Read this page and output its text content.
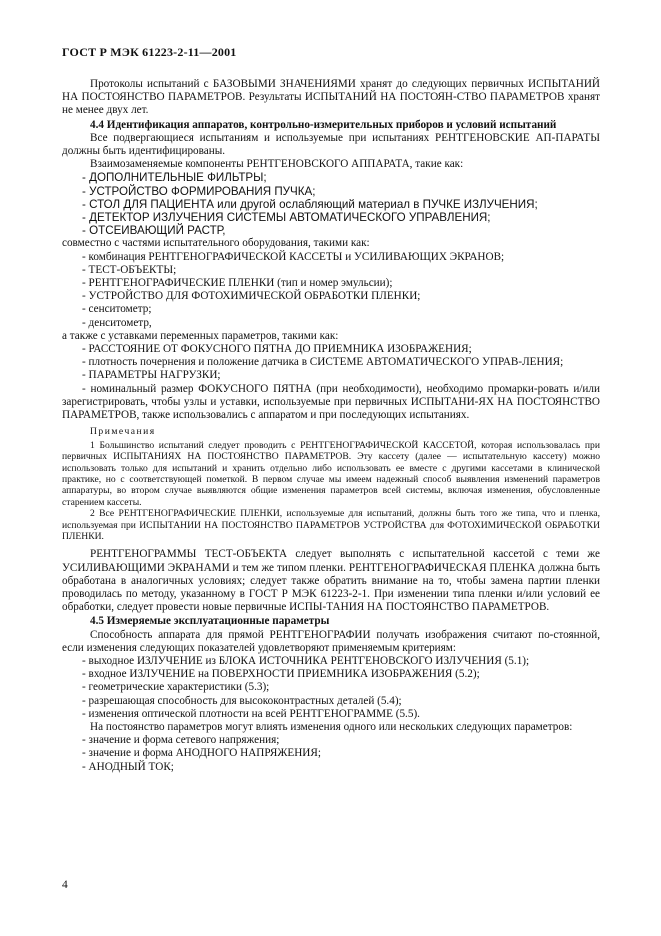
ГОСТ Р МЭК 61223-2-11—2001

Протоколы испытаний с БАЗОВЫМИ ЗНАЧЕНИЯМИ хранят до следующих первичных ИСПЫТАНИЙ НА ПОСТОЯНСТВО ПАРАМЕТРОВ. Результаты ИСПЫТАНИЙ НА ПОСТОЯН-СТВО ПАРАМЕТРОВ хранят не менее двух лет.

4.4 Идентификация аппаратов, контрольно-измерительных приборов и условий испытаний

Все подвергающиеся испытаниям и используемые при испытаниях РЕНТГЕНОВСКИЕ АП-ПАРАТЫ должны быть идентифицированы.

Взаимозаменяемые компоненты РЕНТГЕНОВСКОГО АППАРАТА, такие как:

- ДОПОЛНИТЕЛЬНЫЕ ФИЛЬТРЫ;

- УСТРОЙСТВО ФОРМИРОВАНИЯ ПУЧКА;

- СТОЛ ДЛЯ ПАЦИЕНТА или другой ослабляющий материал в ПУЧКЕ ИЗЛУЧЕНИЯ;

- ДЕТЕКТОР ИЗЛУЧЕНИЯ СИСТЕМЫ АВТОМАТИЧЕСКОГО УПРАВЛЕНИЯ;

- ОТСЕИВАЮЩИЙ РАСТР,

совместно с частями испытательного оборудования, такими как:

- комбинация РЕНТГЕНОГРАФИЧЕСКОЙ КАССЕТЫ и УСИЛИВАЮЩИХ ЭКРАНОВ;

- ТЕСТ-ОБЪЕКТЫ;

- РЕНТГЕНОГРАФИЧЕСКИЕ ПЛЕНКИ (тип и номер эмульсии);

- УСТРОЙСТВО ДЛЯ ФОТОХИМИЧЕСКОЙ ОБРАБОТКИ ПЛЕНКИ;

- сенситометр;

- денситометр,

а также с уставками переменных параметров, такими как:

- РАССТОЯНИЕ ОТ ФОКУСНОГО ПЯТНА ДО ПРИЕМНИКА ИЗОБРАЖЕНИЯ;

- плотность почернения и положение датчика в СИСТЕМЕ АВТОМАТИЧЕСКОГО УПРАВ-ЛЕНИЯ;

- ПАРАМЕТРЫ НАГРУЗКИ;

- номинальный размер ФОКУСНОГО ПЯТНА (при необходимости), необходимо промарки-ровать и/или зарегистрировать, чтобы узлы и уставки, используемые при первичных ИСПЫТАНИ-ЯХ НА ПОСТОЯНСТВО ПАРАМЕТРОВ, также использовались с аппаратом и при последующих испытаниях.

Примечания

1 Большинство испытаний следует проводить с РЕНТГЕНОГРАФИЧЕСКОЙ КАССЕТОЙ, которая использовалась при первичных ИСПЫТАНИЯХ НА ПОСТОЯНСТВО ПАРАМЕТРОВ. Эту кассету (далее — испытательную кассету) можно использовать только для испытаний и хранить отдельно либо использовать ее вместе с другими кассетами в клинической практике, но с соответствующей пометкой. В первом случае мы имеем надежный способ выявления изменений параметров аппаратуры, во втором случае выявляются общие изменения параметров всей системы, включая изменения, обусловленные старением кассеты.

2 Все РЕНТГЕНОГРАФИЧЕСКИЕ ПЛЕНКИ, используемые для испытаний, должны быть того же типа, что и пленка, используемая при ИСПЫТАНИИ НА ПОСТОЯНСТВО ПАРАМЕТРОВ УСТРОЙСТВА для ФОТОХИМИЧЕСКОЙ ОБРАБОТКИ ПЛЕНКИ.

РЕНТГЕНОГРАММЫ ТЕСТ-ОБЪЕКТА следует выполнять с испытательной кассетой с теми же УСИЛИВАЮЩИМИ ЭКРАНАМИ и тем же типом пленки. РЕНТГЕНОГРАФИЧЕСКАЯ ПЛЕНКА должна быть обработана в аналогичных условиях; следует также обратить внимание на то, чтобы замена партии пленки проводилась по методу, указанному в ГОСТ Р МЭК 61223-2-1. При изменении типа пленки и/или условий ее обработки, следует провести новые первичные ИСПЫ-ТАНИЯ НА ПОСТОЯНСТВО ПАРАМЕТРОВ.

4.5 Измеряемые эксплуатационные параметры

Способность аппарата для прямой РЕНТГЕНОГРАФИИ получать изображения считают по-стоянной, если изменения следующих показателей удовлетворяют применяемым критериям:

- выходное ИЗЛУЧЕНИЕ из БЛОКА ИСТОЧНИКА РЕНТГЕНОВСКОГО ИЗЛУЧЕНИЯ (5.1);

- входное ИЗЛУЧЕНИЕ на ПОВЕРХНОСТИ ПРИЕМНИКА ИЗОБРАЖЕНИЯ (5.2);

- геометрические характеристики (5.3);

- разрешающая способность для высококонтрастных деталей (5.4);

- изменения оптической плотности на всей РЕНТГЕНОГРАММЕ (5.5).

На постоянство параметров могут влиять изменения одного или нескольких следующих параметров:

- значение и форма сетевого напряжения;

- значение и форма АНОДНОГО НАПРЯЖЕНИЯ;

- АНОДНЫЙ ТОК;

4
